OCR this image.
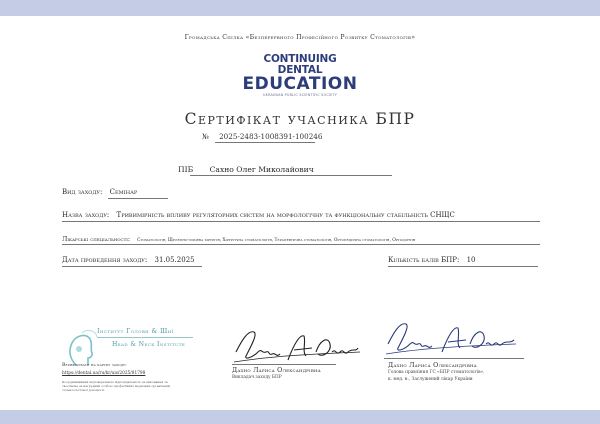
Громадська Спілка «Безперервного Професійного Розвитку Стоматологів»
CONTINUING DENTAL
EDUCATION
UKRAINIAN PUBLIC SCIENTIFIC SOCIETY
Сертифікат учасника БПР
№ 2025-2483-1008391-100246
ПІБ Сахно Олег Миколайович
Вид заходу: Семінар
Назва заходу: Тривимірність впливу регуляторних систем на морфологічну та функціональну стабільність СНЩС
Лікарські спеціальності: Стоматологія, Щелепно-лицева хірургія, Хірургічна стоматологія, Терапевтична стоматологія, Ортопедична стоматологія, Ортодонтія
Дата проведення заходу: 31.05.2025	Кількість балів БПР: 10
Інститут Голови & Шиї
Head & Neck Institute
Верифікувати на картку заходу:
https://dental.ua/ru/kr/ais/2025/81798
Координаційний відповідальною відповідальність за виконання та своєчасне за нагрудний особою професійних медичних організацій стоматологічної допомоги.
Дахно Лариса Олександрівна
Викладач заходу БПР
Дахно Лариса Олександрівна
Голова правління ГС «БПР стоматологів»,
к. мед. н., Заслужений лікар України
